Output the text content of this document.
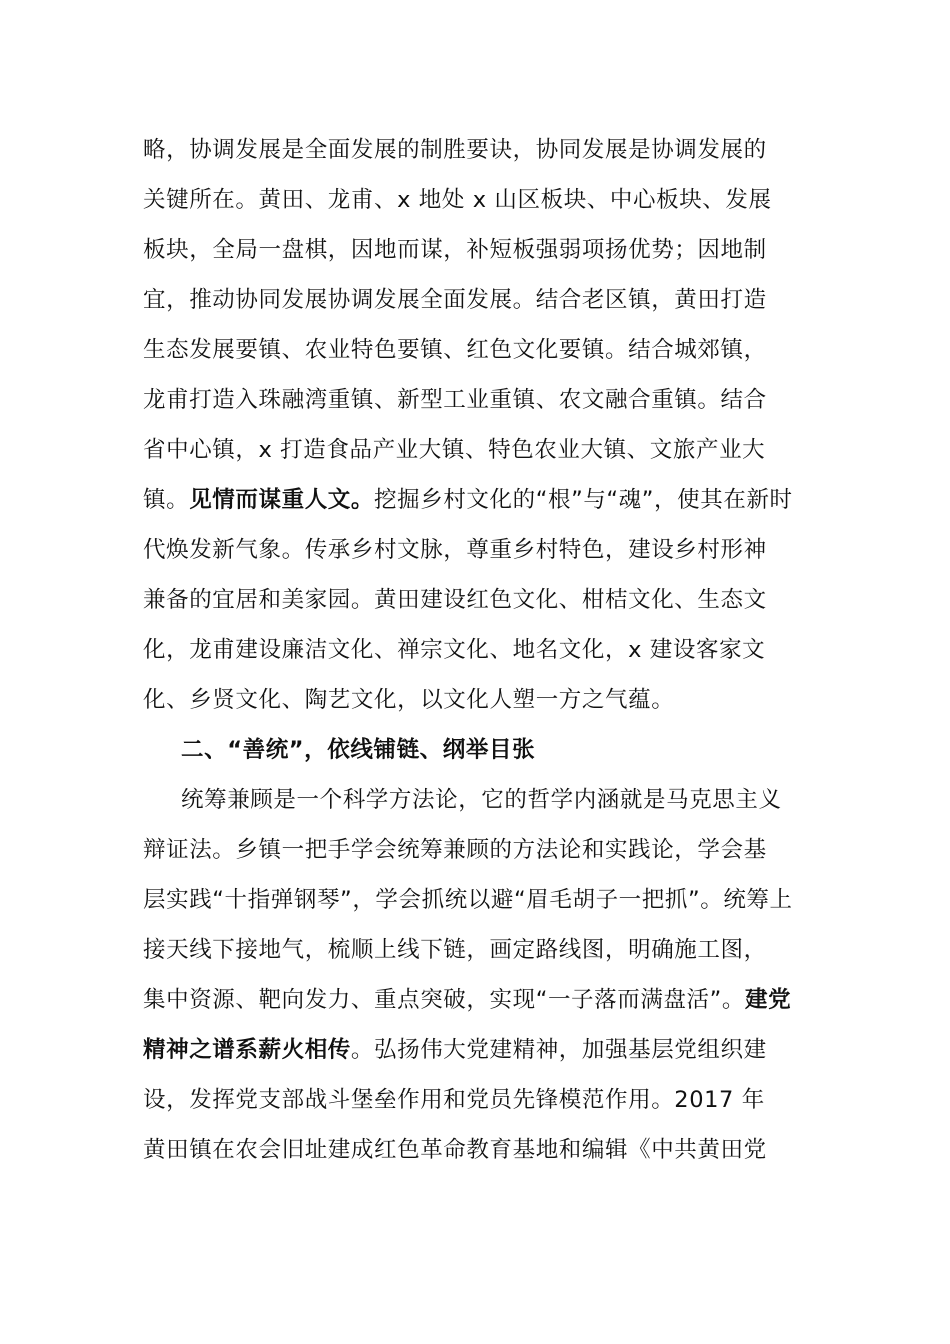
略，协调发展是全面发展的制胜要诀，协同发展是协调发展的
关键所在。黄田、龙甫、x 地处 x 山区板块、中心板块、发展
板块，全局一盘棋，因地而谋，补短板强弱项扬优势；因地制
宜，推动协同发展协调发展全面发展。结合老区镇，黄田打造
生态发展要镇、农业特色要镇、红色文化要镇。结合城郊镇，
龙甫打造入珠融湾重镇、新型工业重镇、农文融合重镇。结合
省中心镇，x 打造食品产业大镇、特色农业大镇、文旅产业大
镇。见情而谋重人文。挖掘乡村文化的“根”与“魂”，使其在新时
代焕发新气象。传承乡村文脉，尊重乡村特色，建设乡村形神
兼备的宜居和美家园。黄田建设红色文化、柑桔文化、生态文
化，龙甫建设廉洁文化、禅宗文化、地名文化，x 建设客家文
化、乡贤文化、陶艺文化，以文化人塑一方之气蕴。
二、“善统”，依线铺链、纲举目张
统筹兼顾是一个科学方法论，它的哲学内涵就是马克思主义
辩证法。乡镇一把手学会统筹兼顾的方法论和实践论，学会基
层实践“十指弹钢琴”，学会抓统以避“眉毛胡子一把抓”。统筹上
接天线下接地气，梳顺上线下链，画定路线图，明确施工图，
集中资源、靶向发力、重点突破，实现“一子落而满盘活”。建党
精神之谱系薪火相传。弘扬伟大党建精神，加强基层党组织建
设，发挥党支部战斗堡垒作用和党员先锋模范作用。2017 年
黄田镇在农会旧址建成红色革命教育基地和编辑《中共黄田党
